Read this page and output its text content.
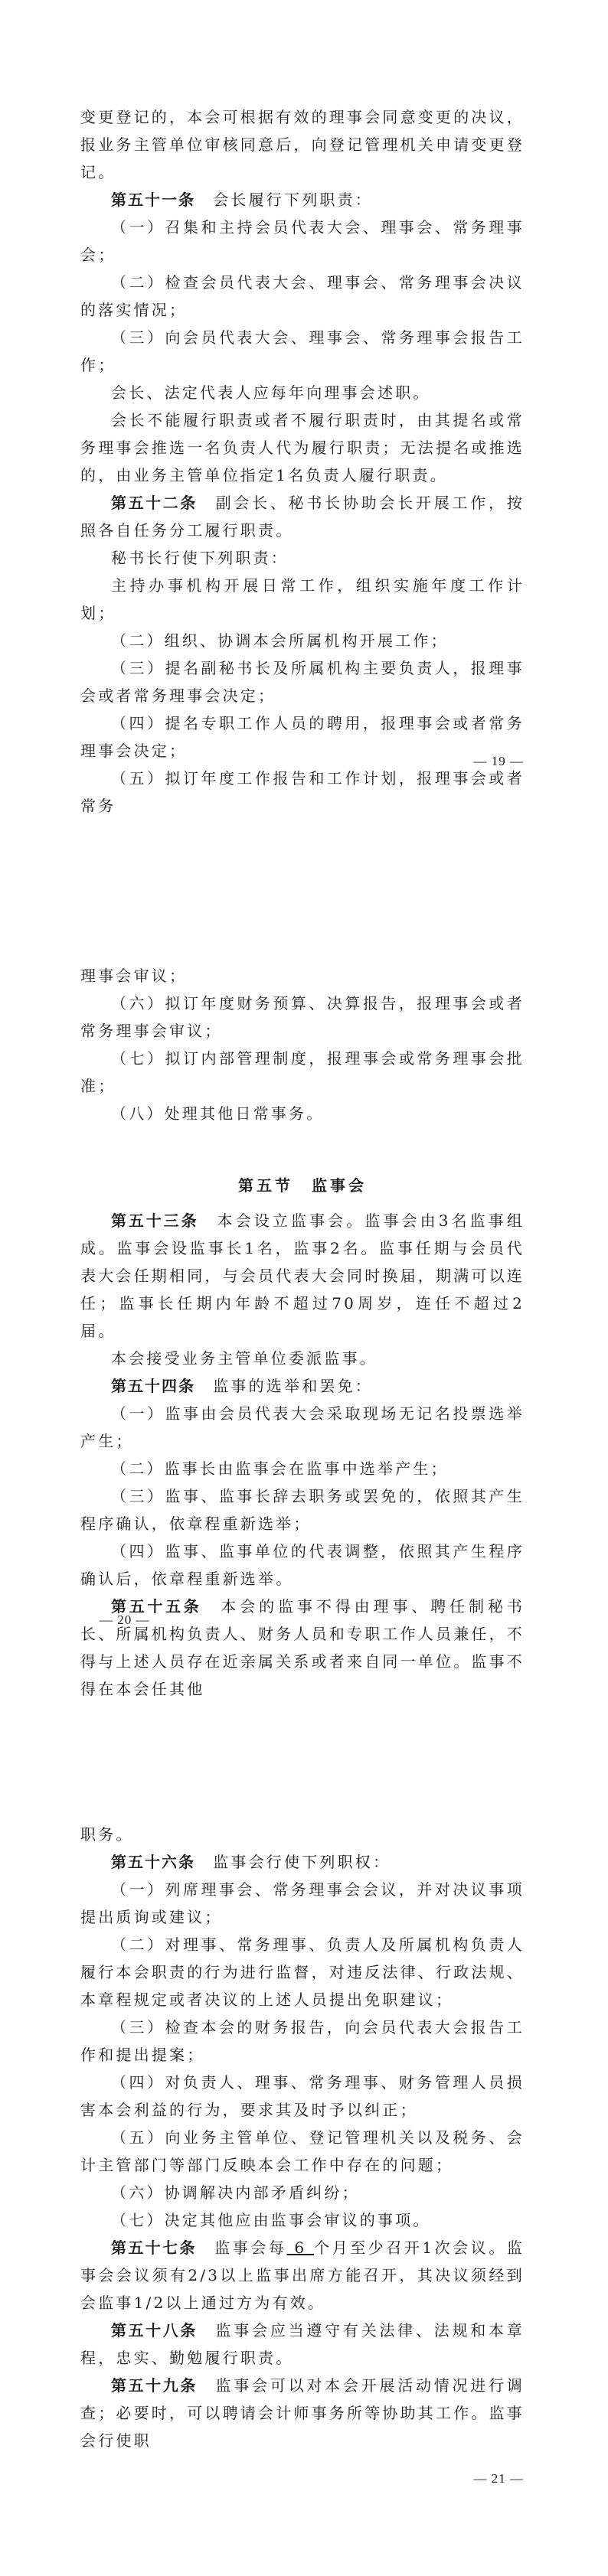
变更登记的，本会可根据有效的理事会同意变更的决议，报业务主管单位审核同意后，向登记管理机关申请变更登记。

第五十一条　 会长履行下列职责：

（一）召集和主持会员代表大会、理事会、常务理事会；

（二）检查会员代表大会、理事会、常务理事会决议的落实情况；

（三）向会员代表大会、理事会、常务理事会报告工作；

会长、法定代表人应每年向理事会述职。

会长不能履行职责或者不履行职责时，由其提名或常务理事会推选一名负责人代为履行职责；无法提名或推选的，由业务主管单位指定1名负责人履行职责。

第五十二条　 副会长、秘书长协助会长开展工作，按照各自任务分工履行职责。

秘书长行使下列职责：

主持办事机构开展日常工作，组织实施年度工作计划；

（二）组织、协调本会所属机构开展工作；

（三）提名副秘书长及所属机构主要负责人，报理事会或者常务理事会决定；

（四）提名专职工作人员的聘用，报理事会或者常务理事会决定；

（五）拟订年度工作报告和工作计划，报理事会或者常务

— 19 —

理事会审议；

（六）拟订年度财务预算、决算报告，报理事会或者常务理事会审议；

（七）拟订内部管理制度，报理事会或常务理事会批准；

（八）处理其他日常事务。

第五节　监事会

第五十三条　 本会设立监事会。监事会由3名监事组成。监事会设监事长1名，监事2名。监事任期与会员代表大会任期相同，与会员代表大会同时换届，期满可以连任；监事长任期内年龄不超过70周岁，连任不超过2届。

本会接受业务主管单位委派监事。

第五十四条　 监事的选举和罢免：

（一）监事由会员代表大会采取现场无记名投票选举产生；

（二）监事长由监事会在监事中选举产生；

（三）监事、监事长辞去职务或罢免的，依照其产生程序确认，依章程重新选举；

（四）监事、监事单位的代表调整，依照其产生程序确认后，依章程重新选举。

第五十五条　 本会的监事不得由理事、聘任制秘书长、所属机构负责人、财务人员和专职工作人员兼任，不得与上述人员存在近亲属关系或者来自同一单位。监事不得在本会任其他

— 20 —

职务。

第五十六条　 监事会行使下列职权：

（一）列席理事会、常务理事会会议，并对决议事项提出质询或建议；

（二）对理事、常务理事、负责人及所属机构负责人履行本会职责的行为进行监督，对违反法律、行政法规、本章程规定或者决议的上述人员提出免职建议；

（三）检查本会的财务报告，向会员代表大会报告工作和提出提案；

（四）对负责人、理事、常务理事、财务管理人员损害本会利益的行为，要求其及时予以纠正；

（五）向业务主管单位、登记管理机关以及税务、会计主管部门等部门反映本会工作中存在的问题；

（六）协调解决内部矛盾纠纷；

（七）决定其他应由监事会审议的事项。

第五十七条　 监事会每 6 个月至少召开1次会议。监事会会议须有2/3以上监事出席方能召开，其决议须经到会监事1/2以上通过方为有效。

第五十八条　 监事会应当遵守有关法律、法规和本章程，忠实、勤勉履行职责。

第五十九条　 监事会可以对本会开展活动情况进行调查；必要时，可以聘请会计师事务所等协助其工作。监事会行使职

— 21 —
